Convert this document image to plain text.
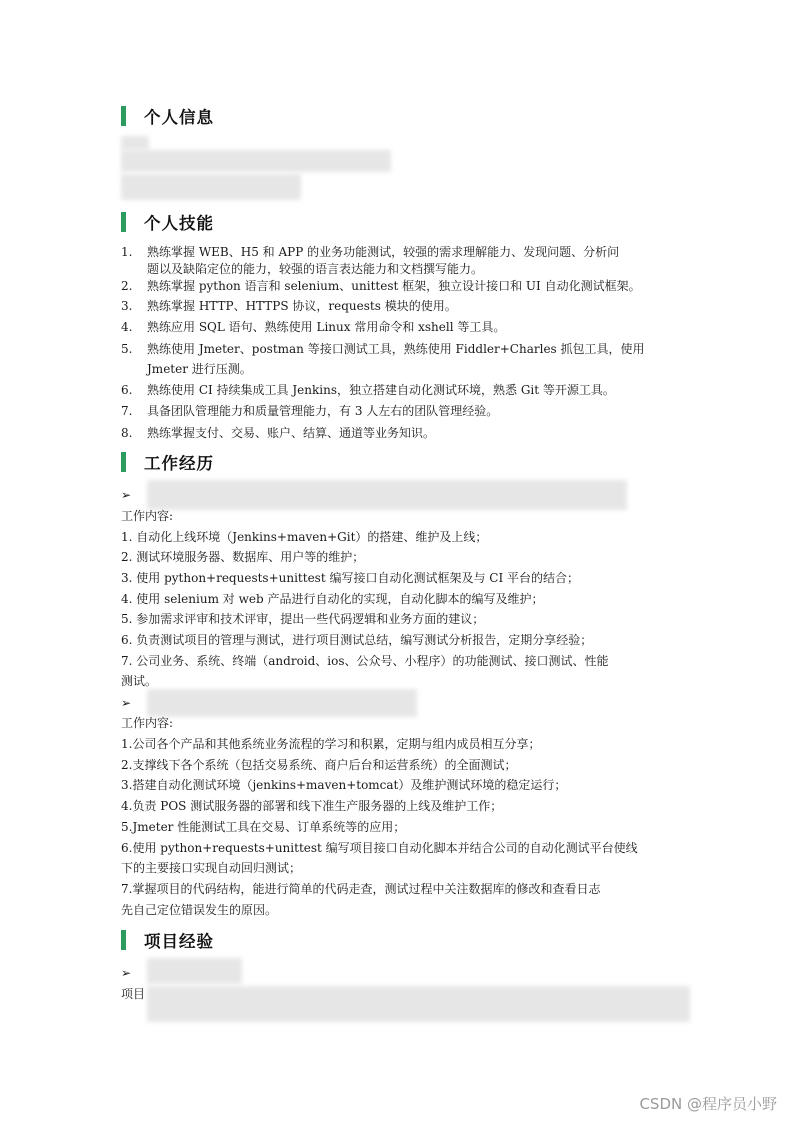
个人信息
个人技能
1. 熟练掌握 WEB、H5 和 APP 的业务功能测试，较强的需求理解能力、发现问题、分析问
题以及缺陷定位的能力，较强的语言表达能力和文档撰写能力。
2. 熟练掌握 python 语言和 selenium、unittest 框架，独立设计接口和 UI 自动化测试框架。
3. 熟练掌握 HTTP、HTTPS 协议，requests 模块的使用。
4. 熟练应用 SQL 语句、熟练使用 Linux 常用命令和 xshell 等工具。
5. 熟练使用 Jmeter、postman 等接口测试工具，熟练使用 Fiddler+Charles 抓包工具，使用
Jmeter 进行压测。
6. 熟练使用 CI 持续集成工具 Jenkins，独立搭建自动化测试环境，熟悉 Git 等开源工具。
7. 具备团队管理能力和质量管理能力，有 3 人左右的团队管理经验。
8. 熟练掌握支付、交易、账户、结算、通道等业务知识。
工作经历
➢
工作内容:
1. 自动化上线环境（Jenkins+maven+Git）的搭建、维护及上线；
2. 测试环境服务器、数据库、用户等的维护；
3. 使用 python+requests+unittest 编写接口自动化测试框架及与 CI 平台的结合；
4. 使用 selenium 对 web 产品进行自动化的实现，自动化脚本的编写及维护；
5. 参加需求评审和技术评审，提出一些代码逻辑和业务方面的建议；
6. 负责测试项目的管理与测试，进行项目测试总结，编写测试分析报告，定期分享经验；
7. 公司业务、系统、终端（android、ios、公众号、小程序）的功能测试、接口测试、性能
测试。
➢
工作内容:
1.公司各个产品和其他系统业务流程的学习和积累，定期与组内成员相互分享；
2.支撑线下各个系统（包括交易系统、商户后台和运营系统）的全面测试；
3.搭建自动化测试环境（jenkins+maven+tomcat）及维护测试环境的稳定运行；
4.负责 POS 测试服务器的部署和线下准生产服务器的上线及维护工作；
5.Jmeter 性能测试工具在交易、订单系统等的应用；
6.使用 python+requests+unittest 编写项目接口自动化脚本并结合公司的自动化测试平台使线
下的主要接口实现自动回归测试；
7.掌握项目的代码结构，能进行简单的代码走查，测试过程中关注数据库的修改和查看日志
先自己定位错误发生的原因。
项目经验
➢
项目
CSDN @程序员小野
